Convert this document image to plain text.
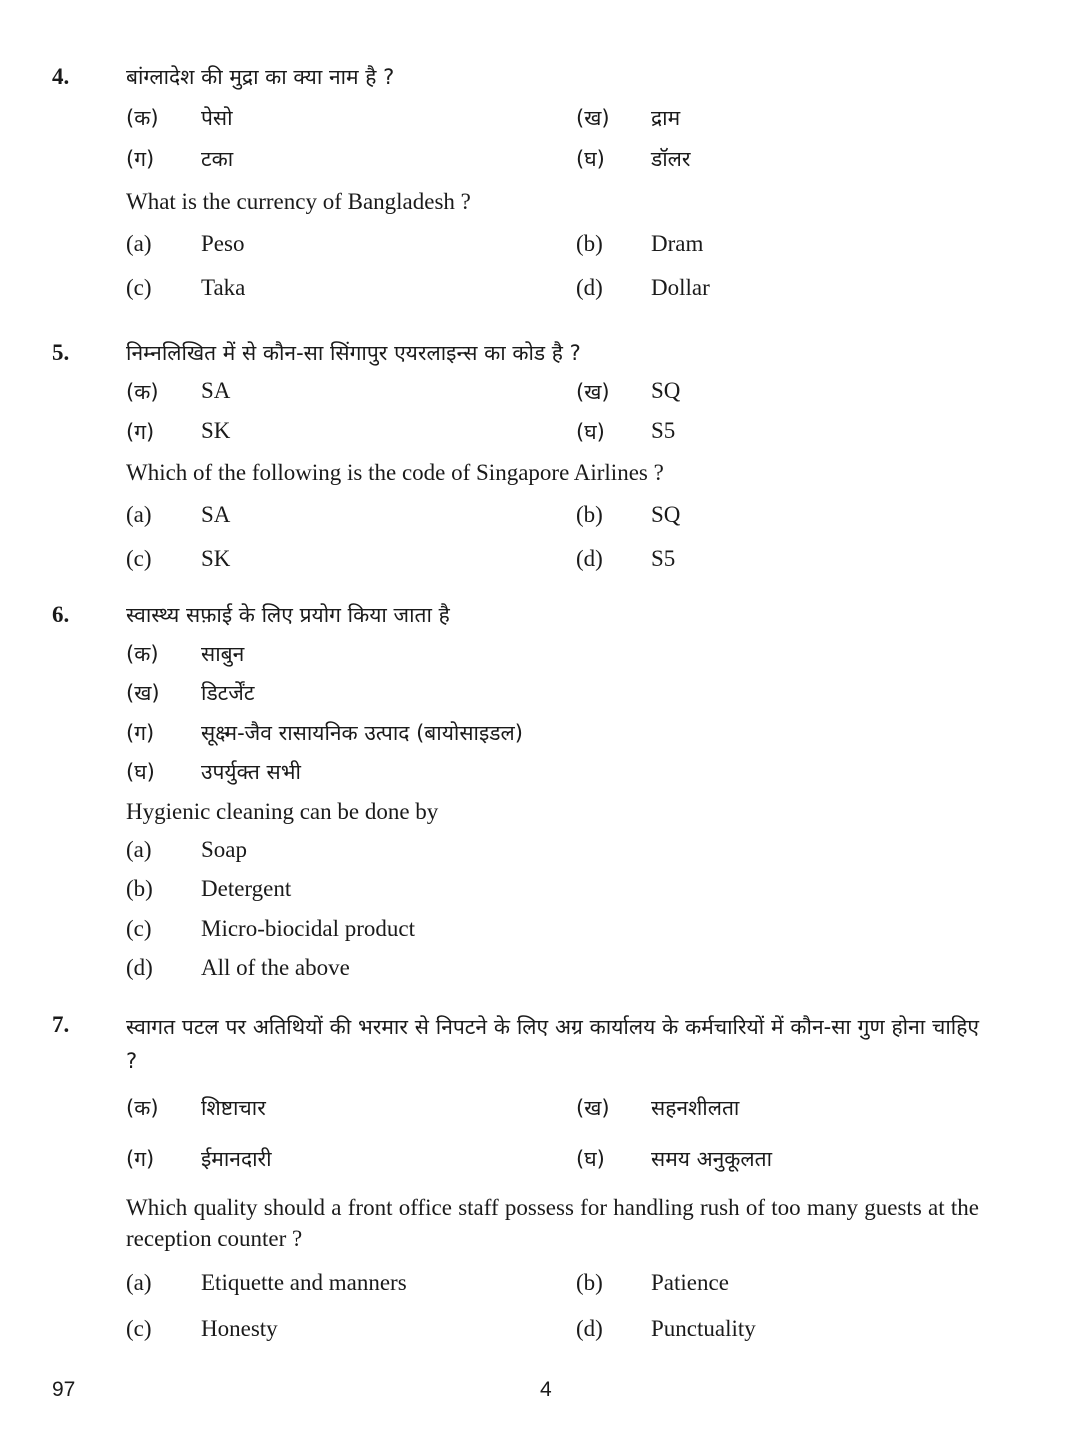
4.	बांग्लादेश की मुद्रा का क्या नाम है ?
(क) पेसो	(ख) द्राम
(ग) टका	(घ) डॉलर
What is the currency of Bangladesh ?
(a) Peso	(b) Dram
(c) Taka	(d) Dollar
5.	निम्नलिखित में से कौन-सा सिंगापुर एयरलाइन्स का कोड है ?
(क) SA	(ख) SQ
(ग) SK	(घ) S5
Which of the following is the code of Singapore Airlines ?
(a) SA	(b) SQ
(c) SK	(d) S5
6.	स्वास्थ्य सफ़ाई के लिए प्रयोग किया जाता है
(क) साबुन
(ख) डिटर्जेंट
(ग) सूक्ष्म-जैव रासायनिक उत्पाद (बायोसाइडल)
(घ) उपर्युक्त सभी
Hygienic cleaning can be done by
(a) Soap
(b) Detergent
(c) Micro-biocidal product
(d) All of the above
7.	स्वागत पटल पर अतिथियों की भरमार से निपटने के लिए अग्र कार्यालय के कर्मचारियों में कौन-सा गुण होना चाहिए ?
(क) शिष्टाचार	(ख) सहनशीलता
(ग) ईमानदारी	(घ) समय अनुकूलता
Which quality should a front office staff possess for handling rush of too many guests at the reception counter ?
(a) Etiquette and manners	(b) Patience
(c) Honesty	(d) Punctuality
97	4
